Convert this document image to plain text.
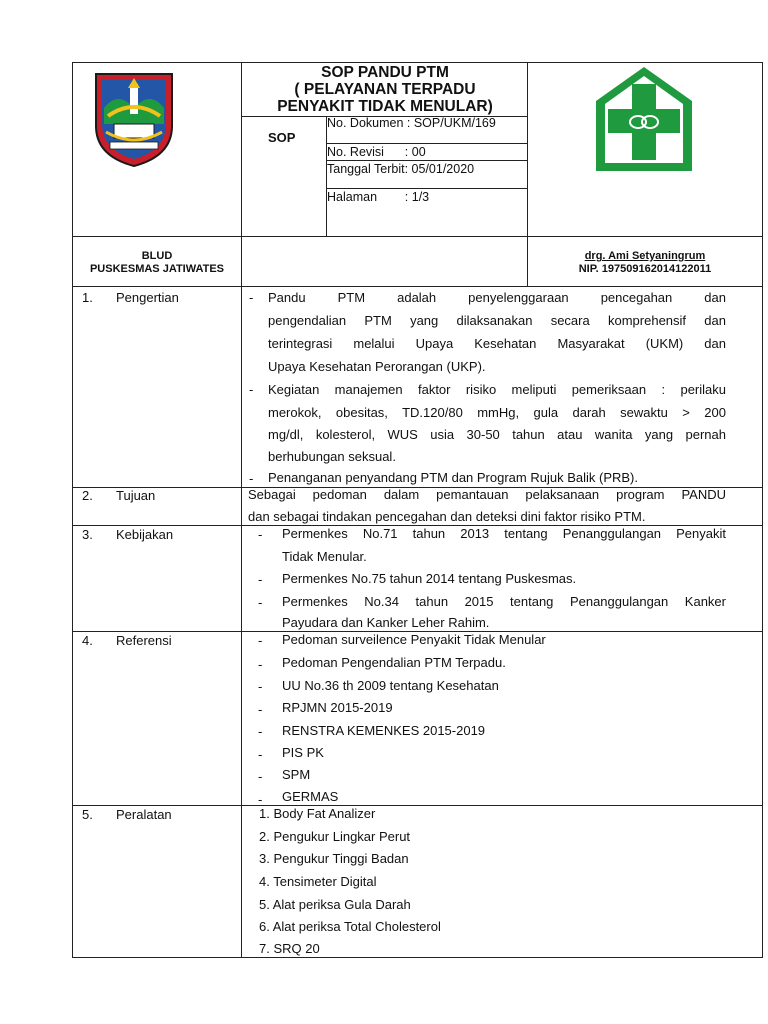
SOP PANDU PTM
( PELAYANAN TERPADU
PENYAKIT TIDAK MENULAR)
SOP
No. Dokumen : SOP/UKM/169
No. Revisi      : 00
Tanggal Terbit: 05/01/2020
Halaman        : 1/3
BLUD
PUSKESMAS JATIWATES
drg. Ami Setyaningrum
NIP. 197509162014122011
1. Pengertian	- Pandu PTM adalah penyelenggaraan pencegahan dan
pengendalian PTM yang dilaksanakan secara komprehensif dan
terintegrasi melalui Upaya Kesehatan Masyarakat (UKM) dan
Upaya Kesehatan Perorangan (UKP).
- Kegiatan manajemen faktor risiko meliputi pemeriksaan : perilaku
merokok, obesitas, TD.120/80 mmHg, gula darah sewaktu > 200
mg/dl, kolesterol, WUS usia 30-50 tahun atau wanita yang pernah
berhubungan seksual.
- Penanganan penyandang PTM dan Program Rujuk Balik (PRB).
2. Tujuan	Sebagai pedoman dalam pemantauan pelaksanaan program PANDU
dan sebagai tindakan pencegahan dan deteksi dini faktor risiko PTM.
3. Kebijakan	- Permenkes No.71 tahun 2013 tentang Penanggulangan Penyakit
Tidak Menular.
- Permenkes No.75 tahun 2014 tentang Puskesmas.
- Permenkes No.34 tahun 2015 tentang Penanggulangan Kanker
Payudara dan Kanker Leher Rahim.
4. Referensi	- Pedoman surveilence Penyakit Tidak Menular
- Pedoman Pengendalian PTM Terpadu.
- UU No.36 th 2009 tentang Kesehatan
- RPJMN 2015-2019
- RENSTRA KEMENKES 2015-2019
- PIS PK
- SPM
- GERMAS
5. Peralatan	1. Body Fat Analizer
2. Pengukur Lingkar Perut
3. Pengukur Tinggi Badan
4. Tensimeter Digital
5. Alat periksa Gula Darah
6. Alat periksa Total Cholesterol
7. SRQ 20
